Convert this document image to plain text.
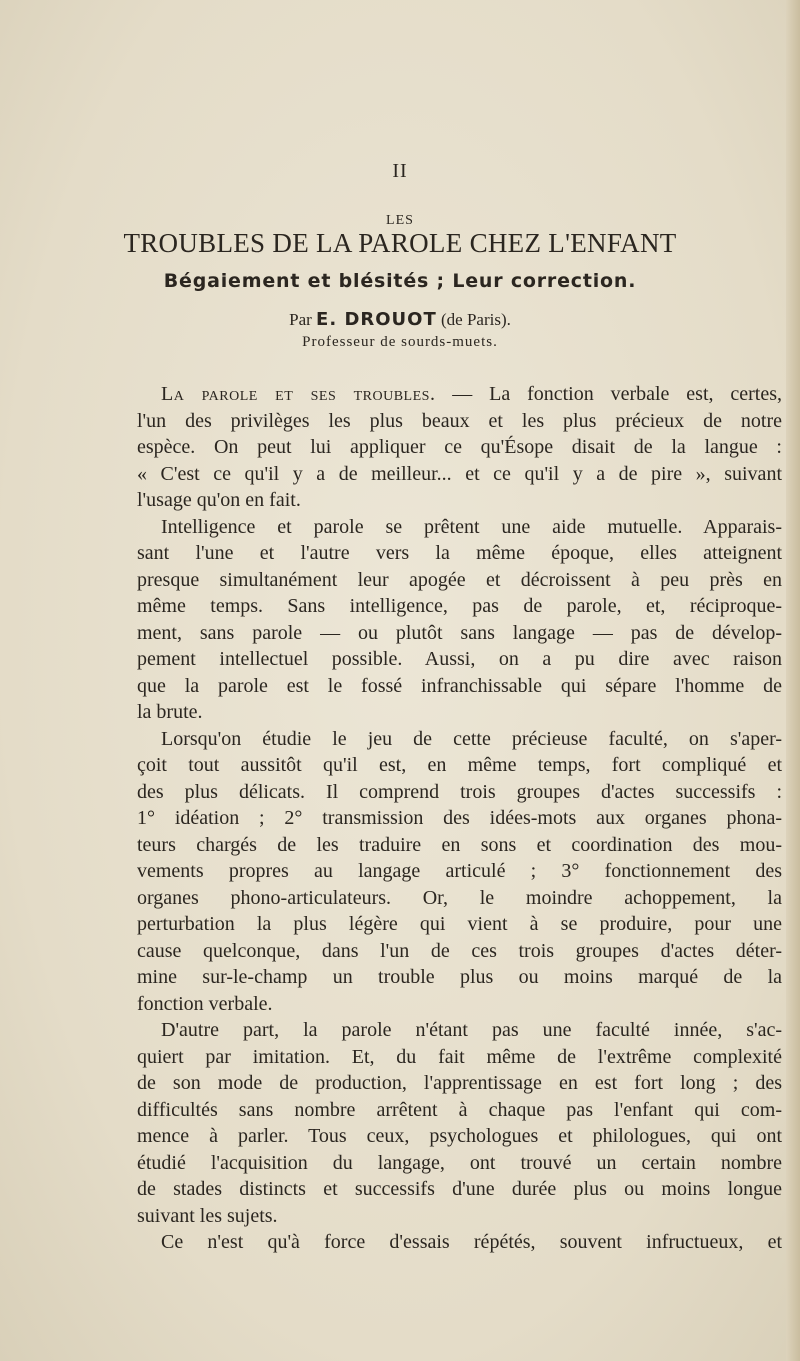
II
LES
TROUBLES DE LA PAROLE CHEZ L'ENFANT
Bégaiement et blésités ; Leur correction.
Par E. DROUOT (de Paris).
Professeur de sourds-muets.
La parole et ses troubles. — La fonction verbale est, certes,
l'un des privilèges les plus beaux et les plus précieux de notre
espèce. On peut lui appliquer ce qu'Ésope disait de la langue :
« C'est ce qu'il y a de meilleur... et ce qu'il y a de pire », suivant
l'usage qu'on en fait.
Intelligence et parole se prêtent une aide mutuelle. Apparais-
sant l'une et l'autre vers la même époque, elles atteignent
presque simultanément leur apogée et décroissent à peu près en
même temps. Sans intelligence, pas de parole, et, réciproque-
ment, sans parole — ou plutôt sans langage — pas de dévelop-
pement intellectuel possible. Aussi, on a pu dire avec raison
que la parole est le fossé infranchissable qui sépare l'homme de
la brute.
Lorsqu'on étudie le jeu de cette précieuse faculté, on s'aper-
çoit tout aussitôt qu'il est, en même temps, fort compliqué et
des plus délicats. Il comprend trois groupes d'actes successifs :
1° idéation ; 2° transmission des idées-mots aux organes phona-
teurs chargés de les traduire en sons et coordination des mou-
vements propres au langage articulé ; 3° fonctionnement des
organes phono-articulateurs. Or, le moindre achoppement, la
perturbation la plus légère qui vient à se produire, pour une
cause quelconque, dans l'un de ces trois groupes d'actes déter-
mine sur-le-champ un trouble plus ou moins marqué de la
fonction verbale.
D'autre part, la parole n'étant pas une faculté innée, s'ac-
quiert par imitation. Et, du fait même de l'extrême complexité
de son mode de production, l'apprentissage en est fort long ; des
difficultés sans nombre arrêtent à chaque pas l'enfant qui com-
mence à parler. Tous ceux, psychologues et philologues, qui ont
étudié l'acquisition du langage, ont trouvé un certain nombre
de stades distincts et successifs d'une durée plus ou moins longue
suivant les sujets.
Ce n'est qu'à force d'essais répétés, souvent infructueux, et
